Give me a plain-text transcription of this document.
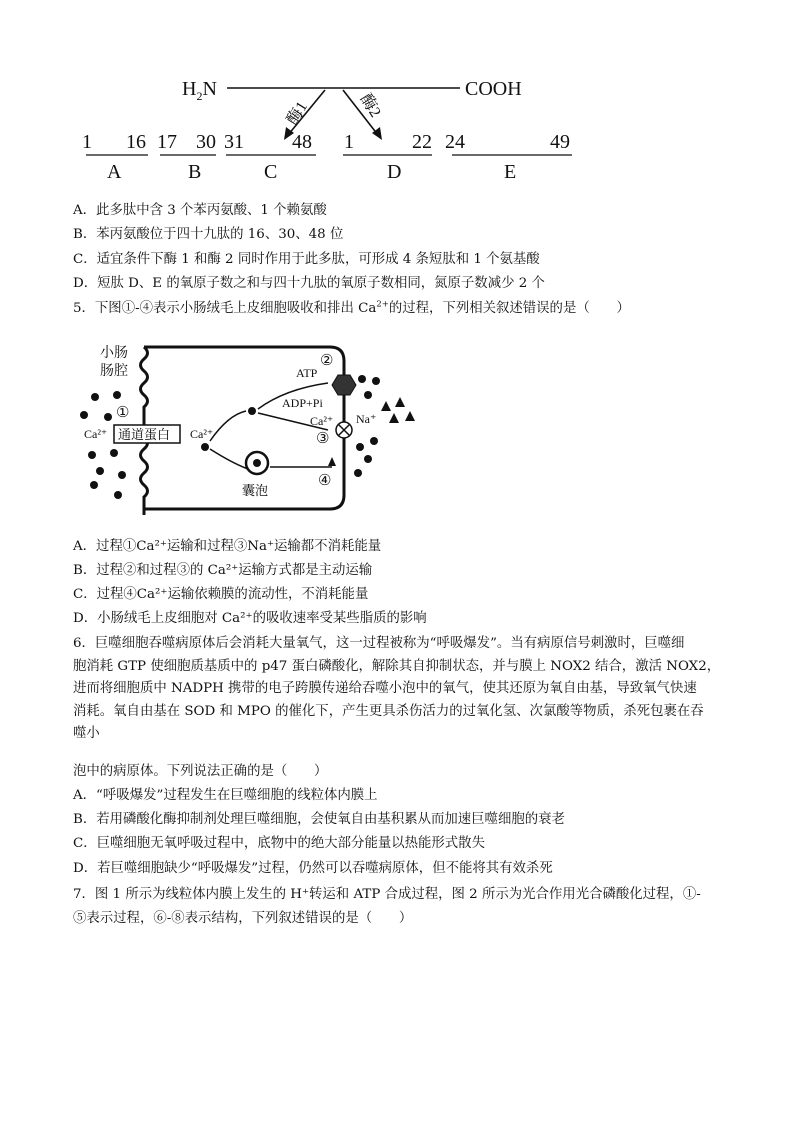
$H_2N$	COOH
酶1	酶2
1 16
A
17 30
B
31 48
C
1	22
D
24	49
E
A．此多肽中含 3 个苯丙氨酸、1 个赖氨酸
B．苯丙氨酸位于四十九肽的 16、30、48 位
C．适宜条件下酶 1 和酶 2 同时作用于此多肽，可形成 4 条短肽和 1 个氨基酸
D．短肽 D、E 的氧原子数之和与四十九肽的氧原子数相同，氮原子数减少 2 个
5．下图①-④表示小肠绒毛上皮细胞吸收和排出 $Ca^{2+}$的过程，下列相关叙述错误的是（　　）
小肠
肠腔
①
Ca²⁺ 通道蛋白 Ca²⁺
ATP
ADP+Pi
②
Ca²⁺
③
Na⁺
囊泡
④
A．过程①Ca²⁺运输和过程③Na⁺运输都不消耗能量
B．过程②和过程③的 Ca²⁺运输方式都是主动运输
C．过程④Ca²⁺运输依赖膜的流动性，不消耗能量
D．小肠绒毛上皮细胞对 Ca²⁺的吸收速率受某些脂质的影响
6．巨噬细胞吞噬病原体后会消耗大量氧气，这一过程被称为“呼吸爆发”。当有病原信号刺激时，巨噬细
胞消耗 GTP 使细胞质基质中的 p47 蛋白磷酸化，解除其自抑制状态，并与膜上 NOX2 结合，激活 NOX2，
进而将细胞质中 NADPH 携带的电子跨膜传递给吞噬小泡中的氧气，使其还原为氧自由基，导致氧气快速
消耗。氧自由基在 SOD 和 MPO 的催化下，产生更具杀伤活力的过氧化氢、次氯酸等物质，杀死包裹在吞
噬小
泡中的病原体。下列说法正确的是（　　）
A．“呼吸爆发”过程发生在巨噬细胞的线粒体内膜上
B．若用磷酸化酶抑制剂处理巨噬细胞，会使氧自由基积累从而加速巨噬细胞的衰老
C．巨噬细胞无氧呼吸过程中，底物中的绝大部分能量以热能形式散失
D．若巨噬细胞缺少“呼吸爆发”过程，仍然可以吞噬病原体，但不能将其有效杀死
7．图 1 所示为线粒体内膜上发生的 H⁺转运和 ATP 合成过程，图 2 所示为光合作用光合磷酸化过程，①-
⑤表示过程，⑥-⑧表示结构，下列叙述错误的是（　　）
